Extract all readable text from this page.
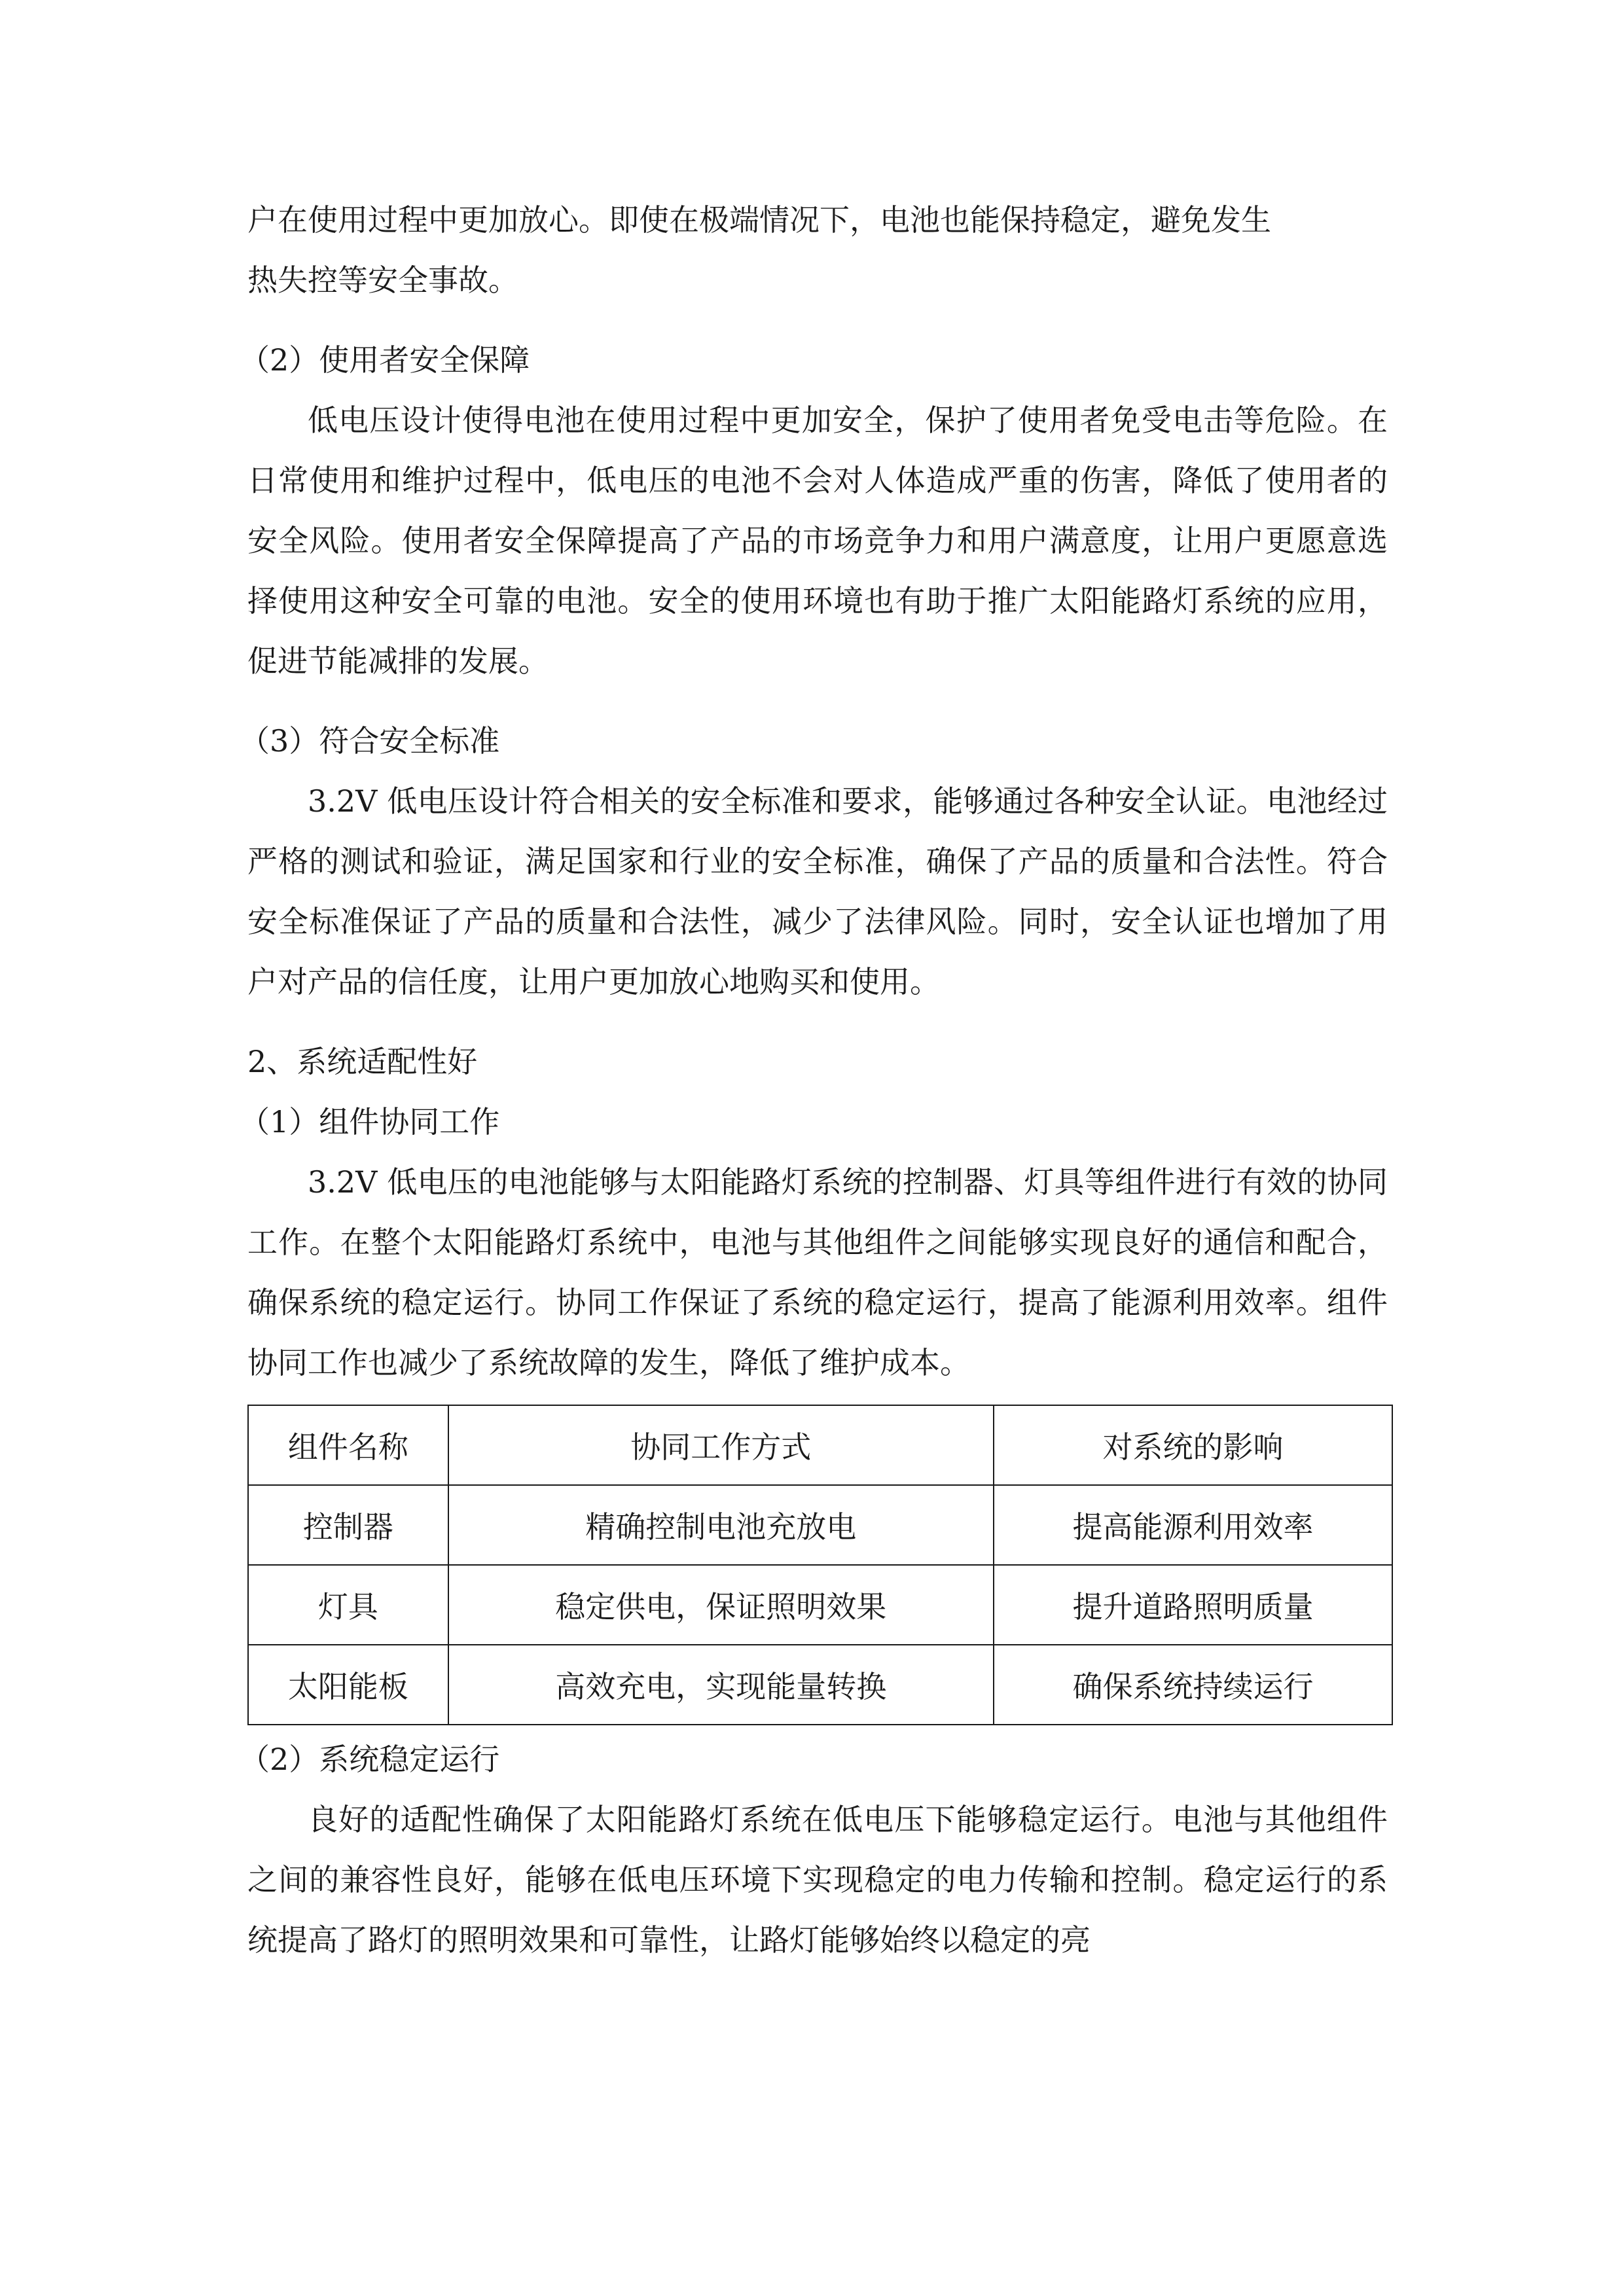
户在使用过程中更加放心。即使在极端情况下，电池也能保持稳定，避免发生
热失控等安全事故。

（2）使用者安全保障

低电压设计使得电池在使用过程中更加安全，保护了使用者免受电击等危险。在日常使用和维护过程中，低电压的电池不会对人体造成严重的伤害，降低了使用者的安全风险。使用者安全保障提高了产品的市场竞争力和用户满意度，让用户更愿意选择使用这种安全可靠的电池。安全的使用环境也有助于推广太阳能路灯系统的应用，促进节能减排的发展。

（3）符合安全标准

3.2V 低电压设计符合相关的安全标准和要求，能够通过各种安全认证。电池经过严格的测试和验证，满足国家和行业的安全标准，确保了产品的质量和合法性。符合安全标准保证了产品的质量和合法性，减少了法律风险。同时，安全认证也增加了用户对产品的信任度，让用户更加放心地购买和使用。

2、系统适配性好

（1）组件协同工作

3.2V 低电压的电池能够与太阳能路灯系统的控制器、灯具等组件进行有效的协同工作。在整个太阳能路灯系统中，电池与其他组件之间能够实现良好的通信和配合，确保系统的稳定运行。协同工作保证了系统的稳定运行，提高了能源利用效率。组件协同工作也减少了系统故障的发生，降低了维护成本。

组件名称	协同工作方式	对系统的影响
控制器	精确控制电池充放电	提高能源利用效率
灯具	稳定供电，保证照明效果	提升道路照明质量
太阳能板	高效充电，实现能量转换	确保系统持续运行

（2）系统稳定运行

良好的适配性确保了太阳能路灯系统在低电压下能够稳定运行。电池与其他组件之间的兼容性良好，能够在低电压环境下实现稳定的电力传输和控制。稳定运行的系统提高了路灯的照明效果和可靠性，让路灯能够始终以稳定的亮
